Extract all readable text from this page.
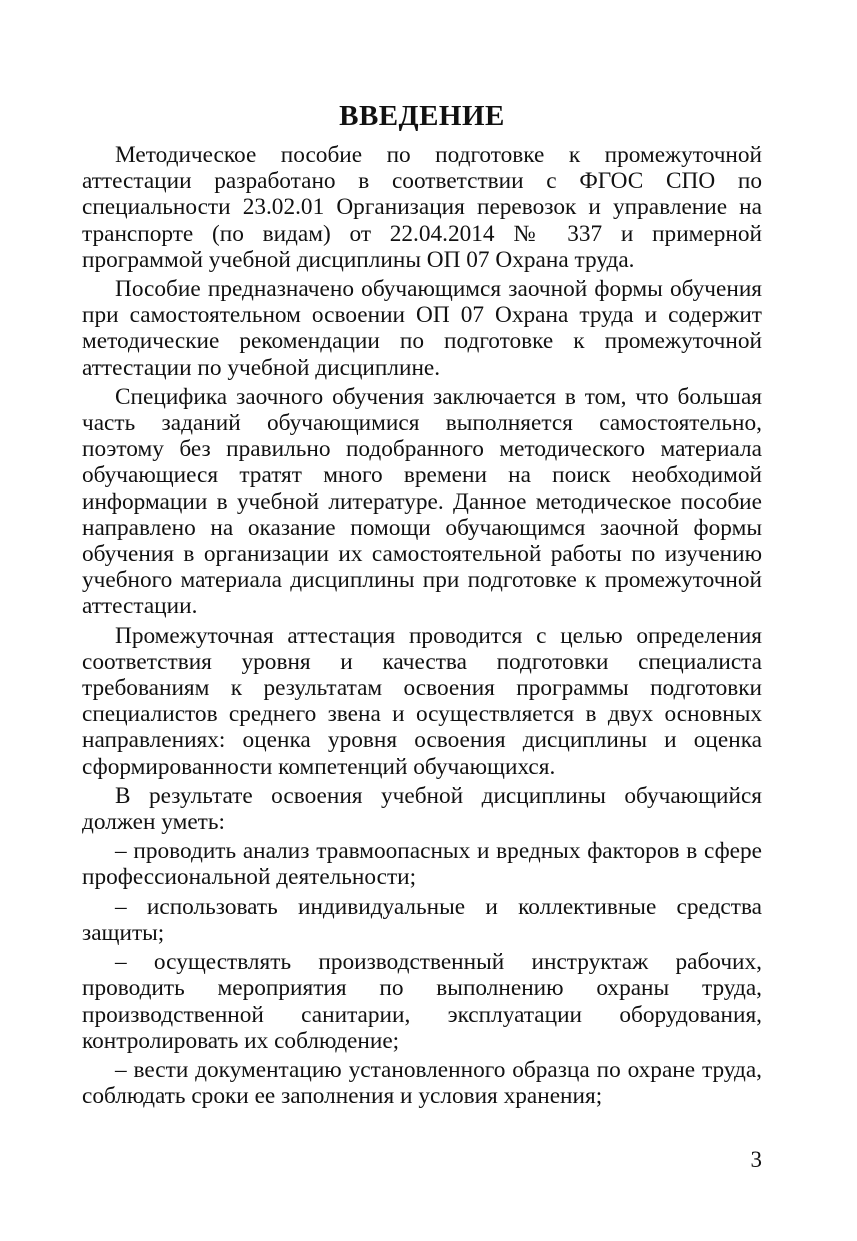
ВВЕДЕНИЕ

Методическое пособие по подготовке к промежуточной аттестации разработано в соответствии с ФГОС СПО по специальности 23.02.01 Организация перевозок и управление на транспорте (по видам) от 22.04.2014 № 337 и примерной программой учебной дисциплины ОП 07 Охрана труда.

Пособие предназначено обучающимся заочной формы обучения при самостоятельном освоении ОП 07 Охрана труда и содержит методические рекомендации по подготовке к промежуточной аттестации по учебной дисциплине.

Специфика заочного обучения заключается в том, что большая часть заданий обучающимися выполняется самостоятельно, поэтому без правильно подобранного методического материала обучающиеся тратят много времени на поиск необходимой информации в учебной литературе. Данное методическое пособие направлено на оказание помощи обучающимся заочной формы обучения в организации их самостоятельной работы по изучению учебного материала дисциплины при подготовке к промежуточной аттестации.

Промежуточная аттестация проводится с целью определения соответствия уровня и качества подготовки специалиста требованиям к результатам освоения программы подготовки специалистов среднего звена и осуществляется в двух основных направлениях: оценка уровня освоения дисциплины и оценка сформированности компетенций обучающихся.

В результате освоения учебной дисциплины обучающийся должен уметь:

– проводить анализ травмоопасных и вредных факторов в сфере профессиональной деятельности;

– использовать индивидуальные и коллективные средства защиты;

– осуществлять производственный инструктаж рабочих, проводить мероприятия по выполнению охраны труда, производственной санитарии, эксплуатации оборудования, контролировать их соблюдение;

– вести документацию установленного образца по охране труда, соблюдать сроки ее заполнения и условия хранения;

3
